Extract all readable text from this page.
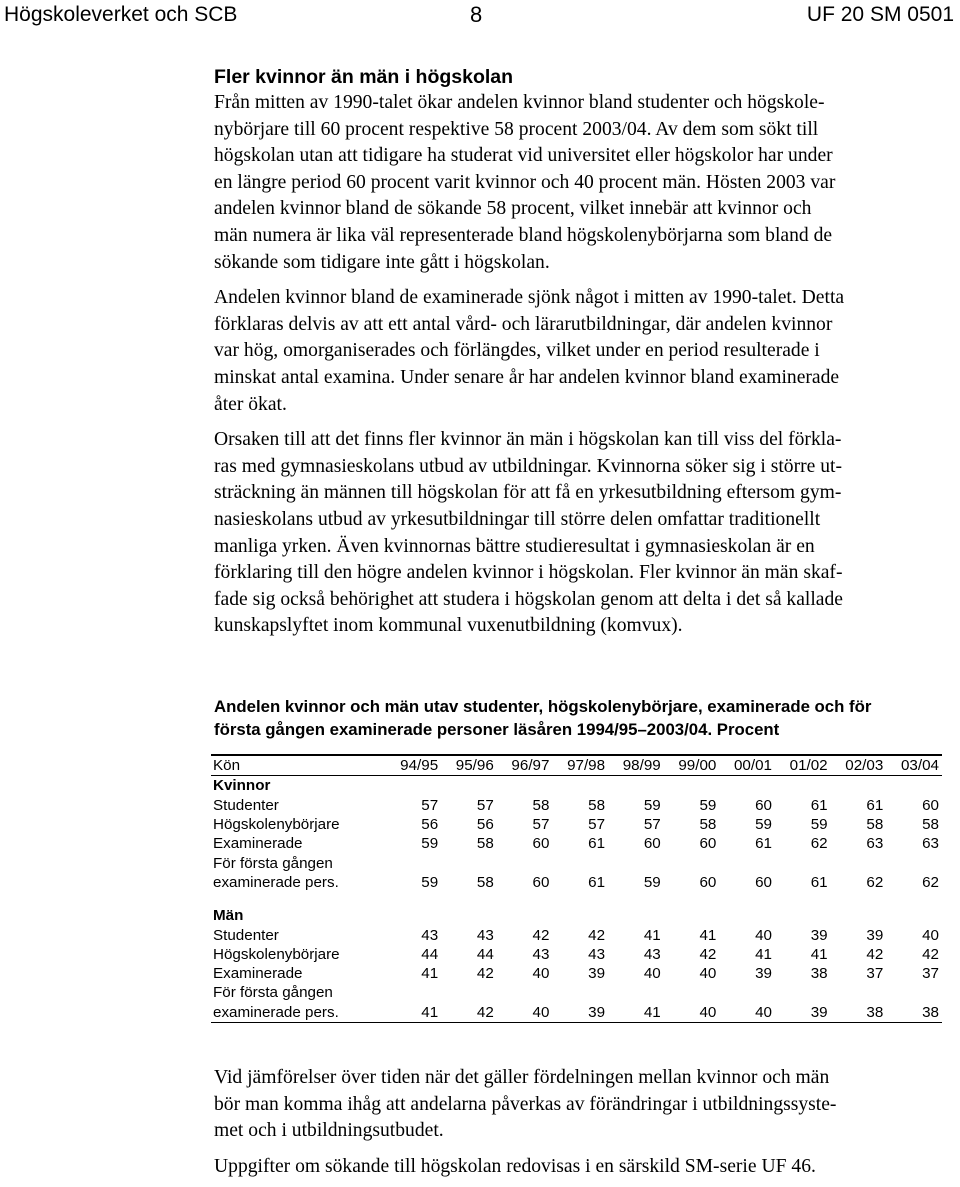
Högskoleverket och SCB	8	UF 20 SM 0501
Fler kvinnor än män i högskolan
Från mitten av 1990-talet ökar andelen kvinnor bland studenter och högskole-
nybörjare till 60 procent respektive 58 procent 2003/04. Av dem som sökt till
högskolan utan att tidigare ha studerat vid universitet eller högskolor har under
en längre period 60 procent varit kvinnor och 40 procent män. Hösten 2003 var
andelen kvinnor bland de sökande 58 procent, vilket innebär att kvinnor och
män numera är lika väl representerade bland högskolenybörjarna som bland de
sökande som tidigare inte gått i högskolan.
Andelen kvinnor bland de examinerade sjönk något i mitten av 1990-talet. Detta
förklaras delvis av att ett antal vård- och lärarutbildningar, där andelen kvinnor
var hög, omorganiserades och förlängdes, vilket under en period resulterade i
minskat antal examina. Under senare år har andelen kvinnor bland examinerade
åter ökat.
Orsaken till att det finns fler kvinnor än män i högskolan kan till viss del förkla-
ras med gymnasieskolans utbud av utbildningar. Kvinnorna söker sig i större ut-
sträckning än männen till högskolan för att få en yrkesutbildning eftersom gym-
nasieskolans utbud av yrkesutbildningar till större delen omfattar traditionellt
manliga yrken. Även kvinnornas bättre studieresultat i gymnasieskolan är en
förklaring till den högre andelen kvinnor i högskolan. Fler kvinnor än män skaf-
fade sig också behörighet att studera i högskolan genom att delta i det så kallade
kunskapslyftet inom kommunal vuxenutbildning (komvux).
Andelen kvinnor och män utav studenter, högskolenybörjare, examinerade och för
första gången examinerade personer läsåren 1994/95–2003/04. Procent
Kön	94/95	95/96	96/97	97/98	98/99	99/00	00/01	01/02	02/03	03/04
Kvinnor										
Studenter	57	57	58	58	59	59	60	61	61	60
Högskolenybörjare	56	56	57	57	57	58	59	59	58	58
Examinerade	59	58	60	61	60	60	61	62	63	63
För första gången										
examinerade pers.	59	58	60	61	59	60	60	61	62	62

Män										
Studenter	43	43	42	42	41	41	40	39	39	40
Högskolenybörjare	44	44	43	43	43	42	41	41	42	42
Examinerade	41	42	40	39	40	40	39	38	37	37
För första gången										
examinerade pers.	41	42	40	39	41	40	40	39	38	38
Vid jämförelser över tiden när det gäller fördelningen mellan kvinnor och män
bör man komma ihåg att andelarna påverkas av förändringar i utbildningssyste-
met och i utbildningsutbudet.
Uppgifter om sökande till högskolan redovisas i en särskild SM-serie UF 46.
